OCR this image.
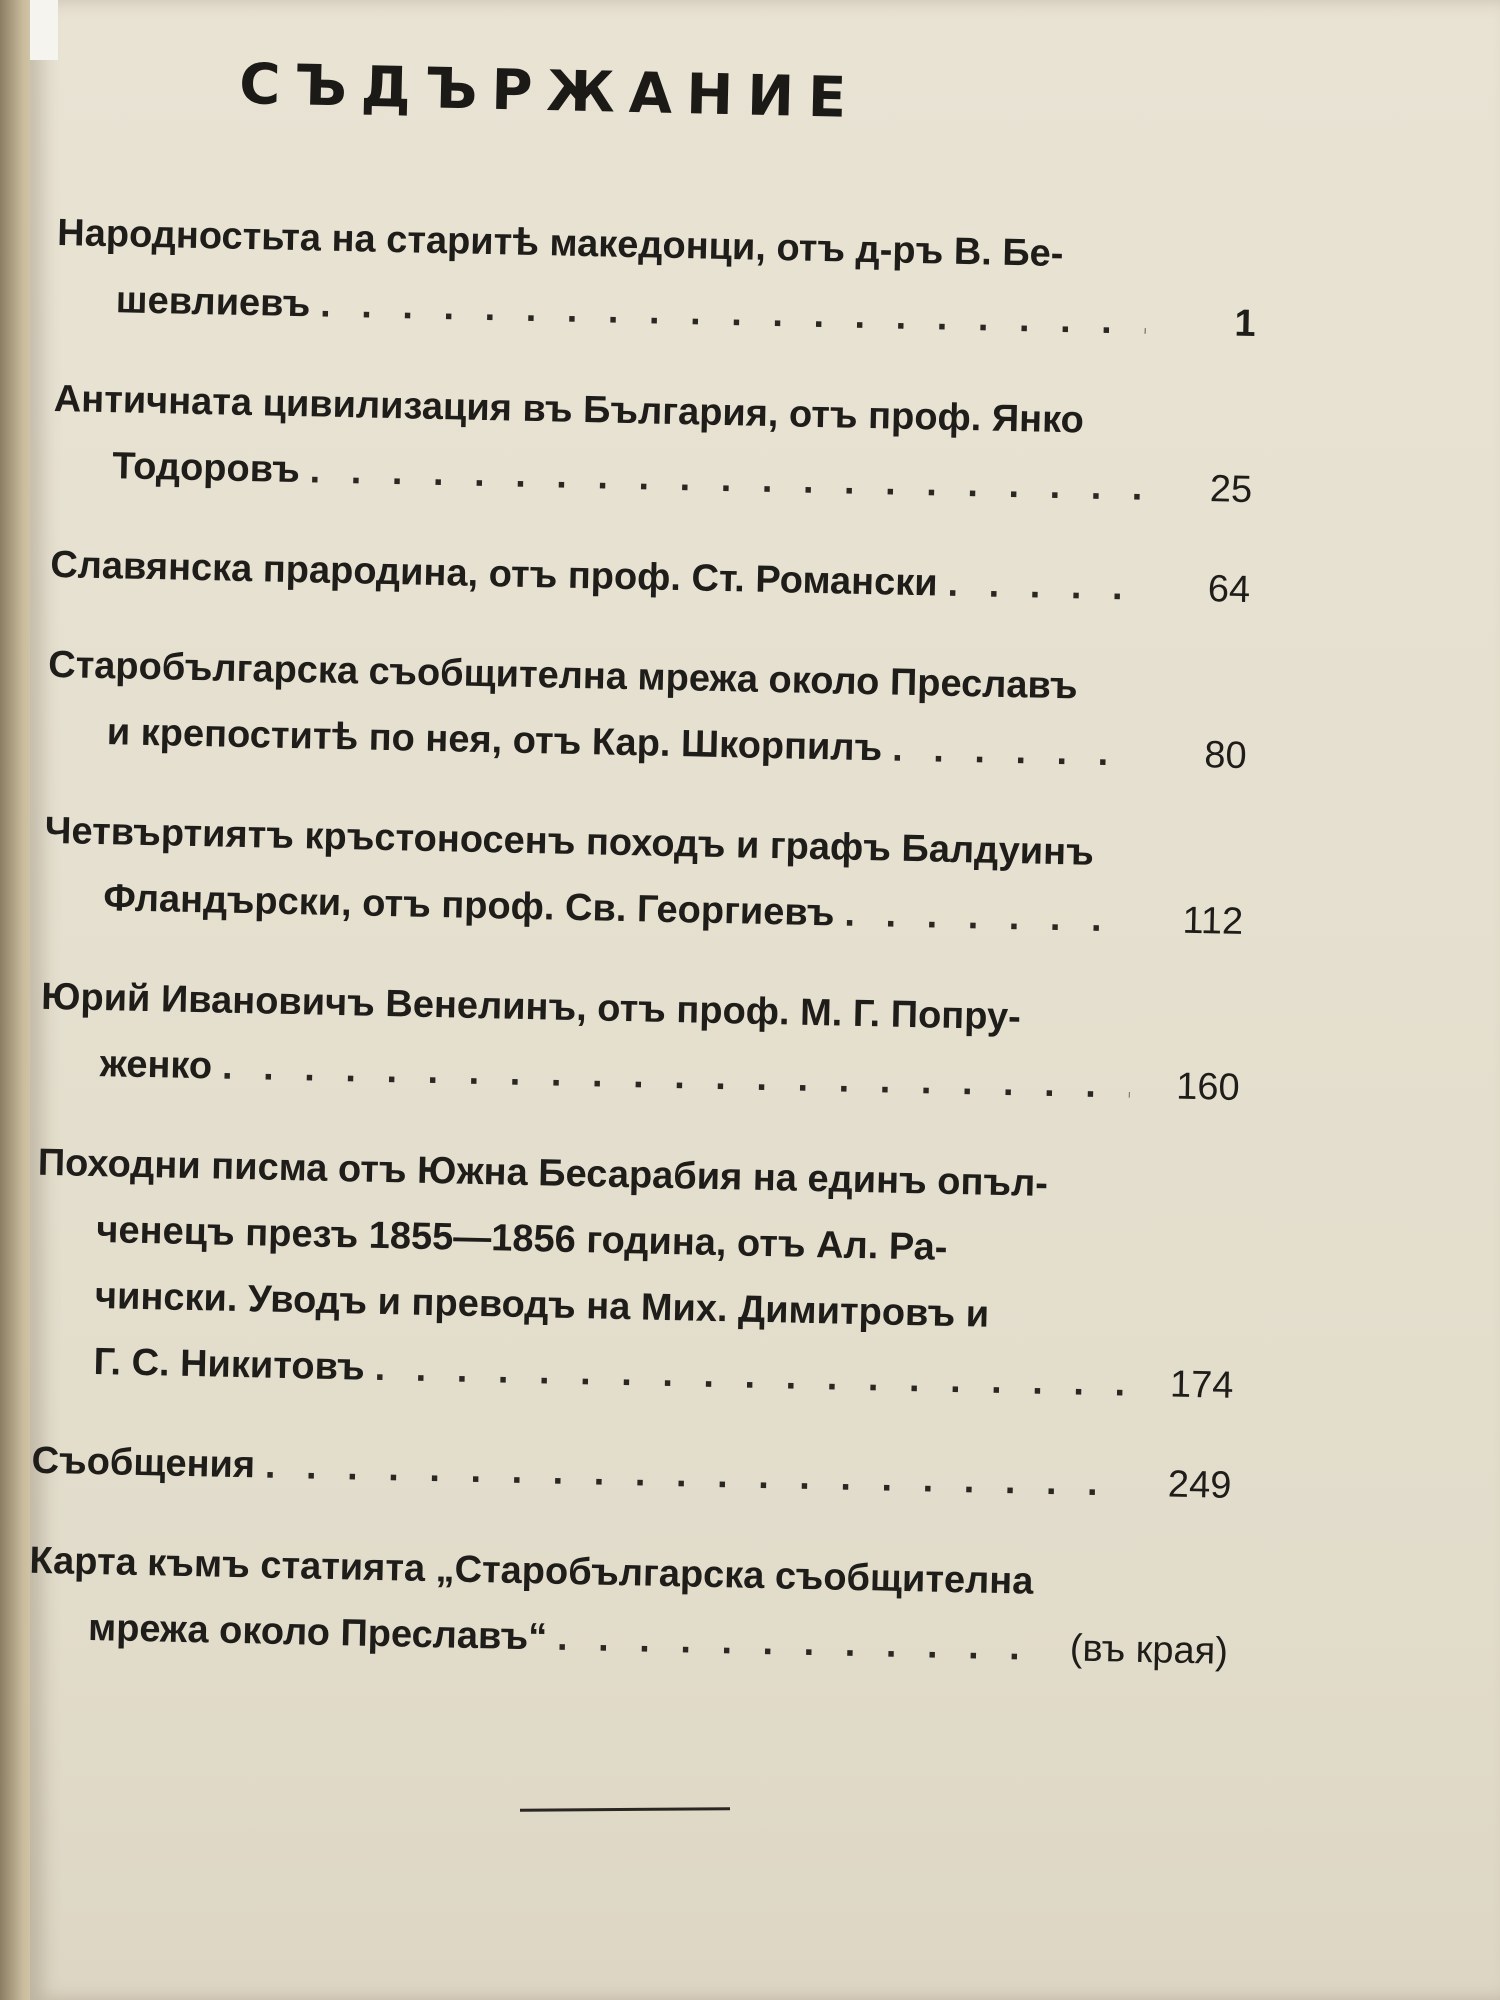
СЪДЪРЖАНИЕ
Народностьта на старитѣ македонци, отъ д-ръ В. Бе-
шевлиевъ . . .	1
Античната цивилизация въ България, отъ проф. Янко
Тодоровъ . . .	25
Славянска прародина, отъ проф. Ст. Романски . . .	64
Старобългарска съобщителна мрежа около Преславъ
и крепоститѣ по нея, отъ Кар. Шкорпилъ . . .	80
Четвъртиятъ кръстоносенъ походъ и графъ Балдуинъ
Фландърски, отъ проф. Св. Георгиевъ . . .	112
Юрий Ивановичъ Венелинъ, отъ проф. М. Г. Попру-
женко . . .	160
Походни писма отъ Южна Бесарабия на единъ опъл-
ченецъ презъ 1855—1856 година, отъ Ал. Ра-
чински. Уводъ и преводъ на Мих. Димитровъ и
Г. С. Никитовъ . . .	174
Съобщения . . .	249
Карта къмъ статията „Старобългарска съобщителна
мрежа около Преславъ“ . . .	(въ края)
